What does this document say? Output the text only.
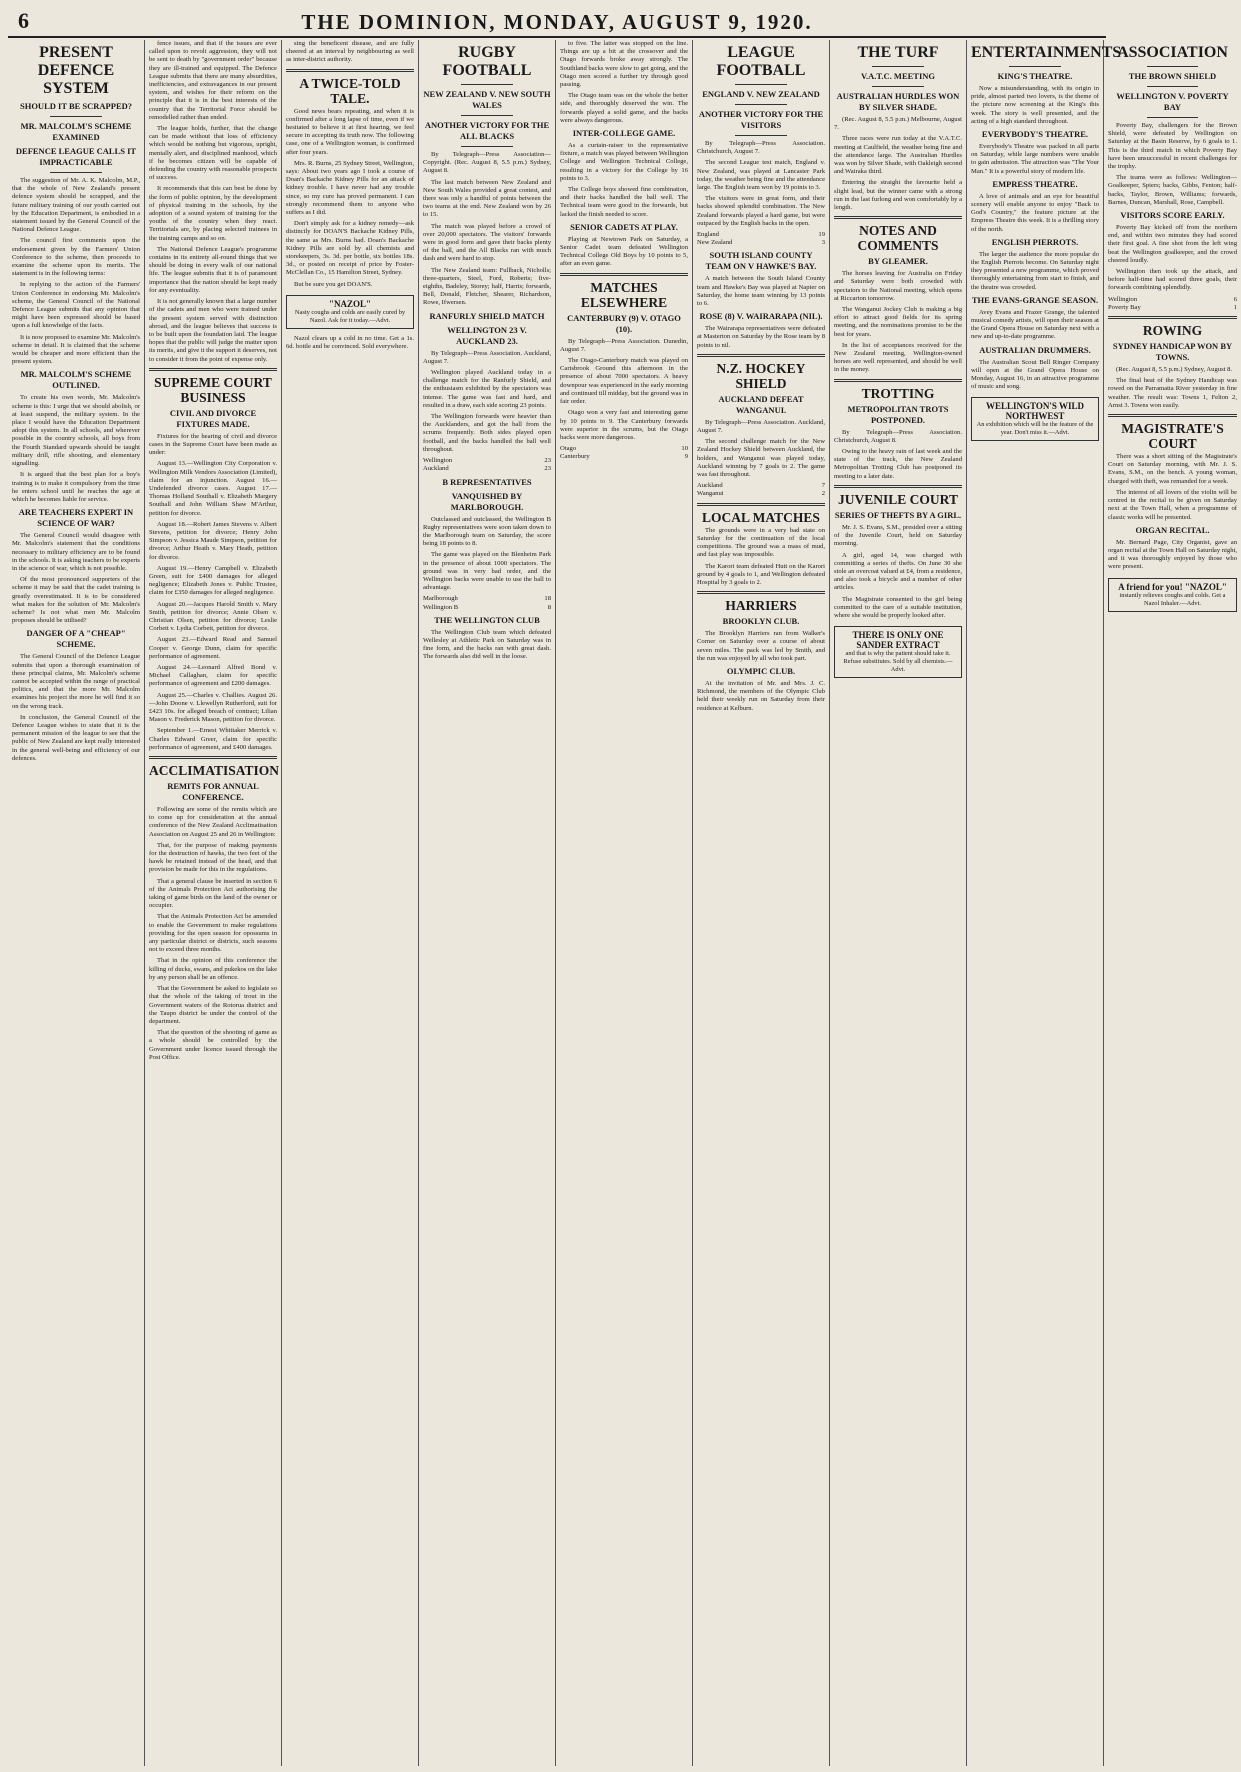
6	THE DOMINION, MONDAY, AUGUST 9, 1920.
PRESENT DEFENCE SYSTEM
SHOULD IT BE SCRAPPED?
MR. MALCOLM'S SCHEME EXAMINED
DEFENCE LEAGUE CALLS IT IMPRACTICABLE

The suggestion of Mr. A. K. Malcolm, M.P., that the whole of New Zealand's present defence system should be scrapped, and the future military training of our youth carried out by the Education Department, is embodied in a statement issued by the General Council of the National Defence League.

The council first comments upon the endorsement given by the Farmers' Union Conference to the scheme, then proceeds to examine the scheme upon its merits. The statement is in the following terms:

In replying to the action of the Farmers' Union Conference in endorsing Mr. Malcolm's scheme, the General Council of the National Defence League submits that any opinion that might have been expressed should be based upon a full knowledge of the facts.

It is now proposed to examine Mr. Malcolm's scheme in detail. It is claimed that the scheme would be cheaper and more efficient than the present system.

MR. MALCOLM'S SCHEME OUTLINED.

To create his own words, Mr. Malcolm's scheme is this: I urge that we should abolish, or at least suspend, the military system. In the place I would have the Education Department adopt this system. In all schools, and wherever possible in the country schools, all boys from the Fourth Standard upwards should be taught military drill, rifle shooting, and elementary signalling.

It is argued that the best plan for a boy's training is to make it compulsory from the time he enters school until he reaches the age at which he becomes liable for service.

ARE TEACHERS EXPERT IN SCIENCE OF WAR?

The General Council would disagree with Mr. Malcolm's statement that the conditions necessary to military efficiency are to be found in the schools. It is asking teachers to be experts in the science of war, which is not possible.

Of the most pronounced supporters of the scheme it may be said that the cadet training is greatly overestimated. It is to be considered what makes for the solution of Mr. Malcolm's scheme? Is not what men Mr. Malcolm proposes should be utilised?

DANGER OF A "CHEAP" SCHEME.

The General Council of the Defence League submits that upon a thorough examination of these principal claims, Mr. Malcolm's scheme cannot be accepted within the range of practical politics, and that the more Mr. Malcolm examines his project the more he will find it so on the wrong track.

In conclusion, the General Council of the Defence League wishes to state that it is the permanent mission of the league to see that the public of New Zealand are kept really interested in the general well-being and efficiency of our defences.

fence issues, and that if the issues are ever called upon to revolt aggression, they will not be sent to death by "government order" because they are ill-trained and equipped. The Defence League submits that there are many absurdities, inefficiencies, and extravagances in our present system, and wishes for their reform on the principle that it is in the best interests of the country that the Territorial Force should be remodelled rather than ended.

The league holds, further, that the change can be made without that loss of efficiency which would be nothing but vigorous, upright, mentally alert, and disciplined manhood, which if he becomes citizen will be capable of defending the country with reasonable prospects of success.

It recommends that this can best be done by the form of public opinion, by the development of physical training in the schools, by the adoption of a sound system of training for the youths of the country when they react. Territorials are, by placing selected trainees in the training camps and so on.

The National Defence League's programme contains in its entirety all-round things that we should be doing in every walk of our national life. The league submits that it is of paramount importance that the nation should be kept ready for any eventuality.

It is not generally known that a large number of the cadets and men who were trained under the present system served with distinction abroad, and the league believes that success is to be built upon the foundation laid. The league hopes that the public will judge the matter upon its merits, and give it the support it deserves, not to consider it from the point of expense only.

SUPREME COURT BUSINESS
CIVIL AND DIVORCE FIXTURES MADE.

Fixtures for the hearing of civil and divorce cases in the Supreme Court have been made as under:

August 13.—Wellington City Corporation v. Wellington Milk Vendors Association (Limited), claim for an injunction. August 16.—Undefended divorce cases. August 17.—Thomas Holland Southall v. Elizabeth Margery Southall and John William Shaw M'Arthur, petition for divorce.

August 18.—Robert James Stevens v. Albert Stevens, petition for divorce; Henry John Simpson v. Jessica Maude Simpson, petition for divorce; Arthur Heath v. Mary Heath, petition for divorce.

August 19.—Henry Campbell v. Elizabeth Green, suit for £400 damages for alleged negligence; Elizabeth Jones v. Public Trustee, claim for £350 damages for alleged negligence.

August 20.—Jacques Harold Smith v. Mary Smith, petition for divorce; Annie Olsen v. Christian Olsen, petition for divorce; Leslie Corbett v. Lydia Corbett, petition for divorce.

August 23.—Edward Read and Samuel Cooper v. George Dunn, claim for specific performance of agreement.

August 24.—Leonard Alfred Bond v. Michael Callaghan, claim for specific performance of agreement and £200 damages.

August 25.—Charles v. Challies. August 26.—John Doone v. Llewellyn Rutherford, suit for £423 10s. for alleged breach of contract; Lilian Mason v. Frederick Mason, petition for divorce.

September 1.—Ernest Whittaker Merrick v. Charles Edward Greer, claim for specific performance of agreement, and £400 damages.

ACCLIMATISATION
REMITS FOR ANNUAL CONFERENCE.

Following are some of the remits which are to come up for consideration at the annual conference of the New Zealand Acclimatisation Association on August 25 and 26 in Wellington:

That, for the purpose of making payments for the destruction of hawks, the two feet of the hawk be retained instead of the head, and that provision be made for this in the regulations.

That a general clause be inserted in section 6 of the Animals Protection Act authorising the taking of game birds on the land of the owner or occupier.

That the Animals Protection Act be amended to enable the Government to make regulations providing for the open season for opossums in any particular district or districts, such seasons not to exceed three months.

That in the opinion of this conference the killing of ducks, swans, and pukekos on the lake by any person shall be an offence.

That the Government be asked to legislate so that the whole of the taking of trout in the Government waters of the Rotorua district and the Taupo district be under the control of the department.

That the question of the shooting of game as a whole should be controlled by the Government under licence issued through the Post Office.

sing the beneficent disease, and are fully cheered at an interval by neighbouring as well as inter-district authority.

A TWICE-TOLD TALE.

Good news bears repeating, and when it is confirmed after a long lapse of time, even if we hesitated to believe it at first hearing, we feel secure in accepting its truth now. The following case, one of a Wellington woman, is confirmed after four years.

Mrs. R. Burns, 25 Sydney Street, Wellington, says: About two years ago I took a course of Doan's Backache Kidney Pills for an attack of kidney trouble. I have never had any trouble since, so my cure has proved permanent. I can strongly recommend them to anyone who suffers as I did.

Don't simply ask for a kidney remedy—ask distinctly for DOAN'S Backache Kidney Pills, the same as Mrs. Burns had. Doan's Backache Kidney Pills are sold by all chemists and storekeepers, 3s. 3d. per bottle, six bottles 18s. 3d., or posted on receipt of price by Foster-McClellan Co., 15 Hamilton Street, Sydney.

But be sure you get DOAN'S.

"NAZOL"
Nasty coughs and colds are easily cured by Nazol. Ask for it today.—Advt.

Nazol clears up a cold in no time. Get a 1s. 6d. bottle and be convinced. Sold everywhere.

RUGBY FOOTBALL
NEW ZEALAND V. NEW SOUTH WALES
ANOTHER VICTORY FOR THE ALL BLACKS

By Telegraph—Press Association—Copyright. (Rec. August 8, 5.5 p.m.) Sydney, August 8.

The last match between New Zealand and New South Wales provided a great contest, and there was only a handful of points between the two teams at the end. New Zealand won by 26 to 15.

The match was played before a crowd of over 20,000 spectators. The visitors' forwards were in good form and gave their backs plenty of the ball, and the All Blacks ran with much dash and were hard to stop.

The New Zealand team: Fullback, Nicholls; three-quarters, Steel, Ford, Roberts; five-eighths, Badeley, Storey; half, Harris; forwards, Bell, Donald, Fletcher, Shearer, Richardson, Rowe, Ifwersen.

RANFURLY SHIELD MATCH
WELLINGTON 23 V. AUCKLAND 23.

By Telegraph—Press Association. Auckland, August 7.

Wellington played Auckland today in a challenge match for the Ranfurly Shield, and the enthusiasm exhibited by the spectators was intense. The game was fast and hard, and resulted in a draw, each side scoring 23 points.

The Wellington forwards were heavier than the Aucklanders, and got the ball from the scrums frequently. Both sides played open football, and the backs handled the ball well throughout.

Wellington	23
Auckland	23
B REPRESENTATIVES
VANQUISHED BY MARLBOROUGH.

Outclassed and outclassed, the Wellington B Rugby representatives were soon taken down to the Marlborough team on Saturday, the score being 18 points to 8.

The game was played on the Blenheim Park in the presence of about 1000 spectators. The ground was in very bad order, and the Wellington backs were unable to use the ball to advantage.

Marlborough	18
Wellington B	8
THE WELLINGTON CLUB

The Wellington Club team which defeated Wellesley at Athletic Park on Saturday was in fine form, and the backs ran with great dash. The forwards also did well in the loose.

to five. The latter was stopped on the line. Things are up a bit at the crossover and the Otago forwards broke away strongly. The Southland backs were slow to get going, and the Otago men scored a further try through good passing.

The Otago team was on the whole the better side, and thoroughly deserved the win. The forwards played a solid game, and the backs were always dangerous.

INTER-COLLEGE GAME.

As a curtain-raiser to the representative fixture, a match was played between Wellington College and Wellington Technical College, resulting in a victory for the College by 16 points to 3.

The College boys showed fine combination, and their backs handled the ball well. The Technical team were good in the forwards, but lacked the finish needed to score.

SENIOR CADETS AT PLAY.

Playing at Newtown Park on Saturday, a Senior Cadet team defeated Wellington Technical College Old Boys by 10 points to 5, after an even game.

MATCHES ELSEWHERE
CANTERBURY (9) V. OTAGO (10).

By Telegraph—Press Association. Dunedin, August 7.

The Otago-Canterbury match was played on Carisbrook Ground this afternoon in the presence of about 7000 spectators. A heavy downpour was experienced in the early morning and continued till midday, but the ground was in fair order.

Otago won a very fast and interesting game by 10 points to 9. The Canterbury forwards were superior in the scrums, but the Otago backs were more dangerous.

Otago	10
Canterbury	9
LEAGUE FOOTBALL
ENGLAND V. NEW ZEALAND
ANOTHER VICTORY FOR THE VISITORS

By Telegraph—Press Association. Christchurch, August 7.

The second League test match, England v. New Zealand, was played at Lancaster Park today, the weather being fine and the attendance large. The English team won by 19 points to 3.

The visitors were in great form, and their backs showed splendid combination. The New Zealand forwards played a hard game, but were outpaced by the English backs in the open.

England	19
New Zealand	3
SOUTH ISLAND COUNTY TEAM ON V HAWKE'S BAY.

A match between the South Island County team and Hawke's Bay was played at Napier on Saturday, the home team winning by 13 points to 6.

ROSE (8) V. WAIRARAPA (NIL).

The Wairarapa representatives were defeated at Masterton on Saturday by the Rose team by 8 points to nil.

N.Z. HOCKEY SHIELD
AUCKLAND DEFEAT WANGANUI.

By Telegraph—Press Association. Auckland, August 7.

The second challenge match for the New Zealand Hockey Shield between Auckland, the holders, and Wanganui was played today, Auckland winning by 7 goals to 2. The game was fast throughout.

Auckland	7
Wanganui	2
LOCAL MATCHES

The grounds were in a very bad state on Saturday for the continuation of the local competitions. The ground was a mass of mud, and fast play was impossible.

The Karori team defeated Hutt on the Karori ground by 4 goals to 1, and Wellington defeated Hospital by 3 goals to 2.

HARRIERS
BROOKLYN CLUB.

The Brooklyn Harriers ran from Walker's Corner on Saturday over a course of about seven miles. The pack was led by Smith, and the run was enjoyed by all who took part.

OLYMPIC CLUB.

At the invitation of Mr. and Mrs. J. C. Richmond, the members of the Olympic Club held their weekly run on Saturday from their residence at Kelburn.

THE TURF
V.A.T.C. MEETING
AUSTRALIAN HURDLES WON BY SILVER SHADE.

(Rec. August 8, 5.5 p.m.) Melbourne, August 7.

Three races were run today at the V.A.T.C. meeting at Caulfield, the weather being fine and the attendance large. The Australian Hurdles was won by Silver Shade, with Oakleigh second and Wairaka third.

Entering the straight the favourite held a slight lead, but the winner came with a strong run in the last furlong and won comfortably by a length.

NOTES AND COMMENTS
BY GLEAMER.

The horses leaving for Australia on Friday and Saturday were both crowded with spectators to the National meeting, which opens at Riccarton tomorrow.

The Wanganui Jockey Club is making a big effort to attract good fields for its spring meeting, and the nominations promise to be the best for years.

In the list of acceptances received for the New Zealand meeting, Wellington-owned horses are well represented, and should be well in the money.

TROTTING
METROPOLITAN TROTS POSTPONED.

By Telegraph—Press Association. Christchurch, August 8.

Owing to the heavy rain of last week and the state of the track, the New Zealand Metropolitan Trotting Club has postponed its meeting to a later date.

JUVENILE COURT
SERIES OF THEFTS BY A GIRL.

Mr. J. S. Evans, S.M., presided over a sitting of the Juvenile Court, held on Saturday morning.

A girl, aged 14, was charged with committing a series of thefts. On June 30 she stole an overcoat valued at £4, from a residence, and also took a bicycle and a number of other articles.

The Magistrate consented to the girl being committed to the care of a suitable institution, where she would be properly looked after.

THERE IS ONLY ONE SANDER EXTRACT
and that is why the patient should take it. Refuse substitutes. Sold by all chemists.—Advt.
ENTERTAINMENTS
KING'S THEATRE.

Now a misunderstanding, with its origin in pride, almost parted two lovers, is the theme of the picture now screening at the King's this week. The story is well presented, and the acting of a high standard throughout.

EVERYBODY'S THEATRE.

Everybody's Theatre was packed in all parts on Saturday, while large numbers were unable to gain admission. The attraction was "The Your Man." It is a powerful story of modern life.

EMPRESS THEATRE.

A love of animals and an eye for beautiful scenery will enable anyone to enjoy "Back to God's Country," the feature picture at the Empress Theatre this week. It is a thrilling story of the north.

ENGLISH PIERROTS.

The larger the audience the more popular do the English Pierrots become. On Saturday night they presented a new programme, which proved thoroughly entertaining from start to finish, and the theatre was crowded.

THE EVANS-GRANGE SEASON.

Avey Evans and Frazer Grange, the talented musical comedy artists, will open their season at the Grand Opera House on Saturday next with a new and up-to-date programme.

AUSTRALIAN DRUMMERS.

The Australian Scout Bell Ringer Company will open at the Grand Opera House on Monday, August 16, in an attractive programme of music and song.

WELLINGTON'S WILD NORTHWEST
An exhibition which will be the feature of the year. Don't miss it.—Advt.
ASSOCIATION
THE BROWN SHIELD
WELLINGTON V. POVERTY BAY

Poverty Bay, challengers for the Brown Shield, were defeated by Wellington on Saturday at the Basin Reserve, by 6 goals to 1. This is the third match in which Poverty Bay have been unsuccessful in recent challenges for the trophy.

The teams were as follows: Wellington—Goalkeeper, Spiers; backs, Gibbs, Fenton; half-backs, Taylor, Brown, Williams; forwards, Barnes, Duncan, Marshall, Rose, Campbell.

VISITORS SCORE EARLY.

Poverty Bay kicked off from the northern end, and within two minutes they had scored their first goal. A fine shot from the left wing beat the Wellington goalkeeper, and the crowd cheered loudly.

Wellington then took up the attack, and before half-time had scored three goals, their forwards combining splendidly.

Wellington	6
Poverty Bay	1
ROWING
SYDNEY HANDICAP WON BY TOWNS.

(Rec. August 8, 5.5 p.m.) Sydney, August 8.

The final heat of the Sydney Handicap was rowed on the Parramatta River yesterday in fine weather. The result was: Towns 1, Felton 2, Arnst 3. Towns won easily.

MAGISTRATE'S COURT

There was a short sitting of the Magistrate's Court on Saturday morning, with Mr. J. S. Evans, S.M., on the bench. A young woman, charged with theft, was remanded for a week.

The interest of all lovers of the violin will be centred in the recital to be given on Saturday next at the Town Hall, when a programme of classic works will be presented.

ORGAN RECITAL.

Mr. Bernard Page, City Organist, gave an organ recital at the Town Hall on Saturday night, and it was thoroughly enjoyed by those who were present.

A friend for you! "NAZOL"
instantly relieves coughs and colds. Get a Nazol Inhaler.—Advt.
